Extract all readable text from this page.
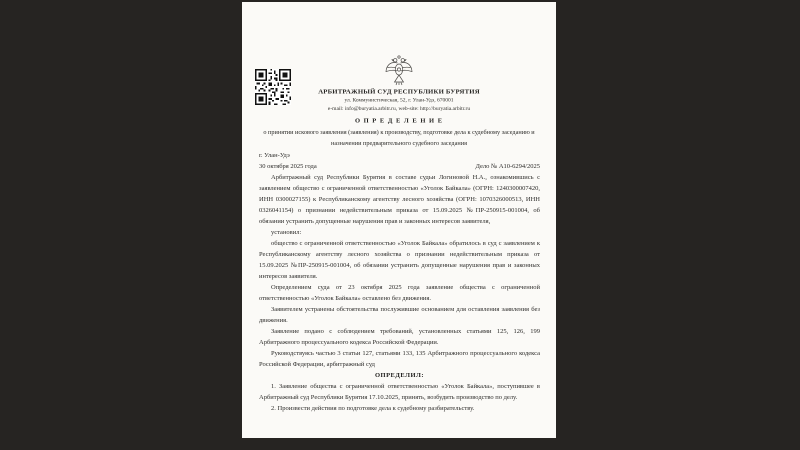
АРБИТРАЖНЫЙ СУД РЕСПУБЛИКИ БУРЯТИЯ
ул. Коммунистическая, 52, г. Улан-Удэ, 670001
e-mail: info@buryatia.arbitr.ru, web-site: http://buryatia.arbitr.ru
О П Р Е Д Е Л Е Н И Е
о принятии искового заявления (заявления) к производству, подготовке дела к судебному заседанию и назначении предварительного судебного заседания
г. Улан-Удэ
30 октября 2025 года	Дело № А10-6294/2025

Арбитражный суд Республики Бурятия в составе судьи Логиновой Н.А., ознакомившись с заявлением общество с ограниченной ответственностью «Уголок Байкала» (ОГРН: 1240300007420, ИНН 0300027155) к Республиканскому агентству лесного хозяйства (ОГРН: 1070326000513, ИНН 0326041154) о признании недействительным приказа от 15.09.2025 №ПР-250915-001004, об обязании устранить допущенные нарушения прав и законных интересов заявителя,

установил:

общество с ограниченной ответственностью «Уголок Байкала» обратилось в суд с заявлением к Республиканскому агентству лесного хозяйства о признании недействительным приказа от 15.09.2025 №ПР-250915-001004, об обязании устранить допущенные нарушения прав и законных интересов заявителя.

Определением суда от 23 октября 2025 года заявление общества с ограниченной ответственностью «Уголок Байкала» оставлено без движения.

Заявителем устранены обстоятельства послужившие основанием для оставления заявления без движения.

Заявление подано с соблюдением требований, установленных статьями 125, 126, 199 Арбитражного процессуального кодекса Российской Федерации.

Руководствуясь частью 3 статьи 127, статьями 133, 135 Арбитражного процессуального кодекса Российской Федерации, арбитражный суд

ОПРЕДЕЛИЛ:

1. Заявление общества с ограниченной ответственностью «Уголок Байкала», поступившее в Арбитражный суд Республики Бурятия 17.10.2025, принять, возбудить производство по делу.

2. Произвести действия по подготовке дела к судебному разбирательству.
